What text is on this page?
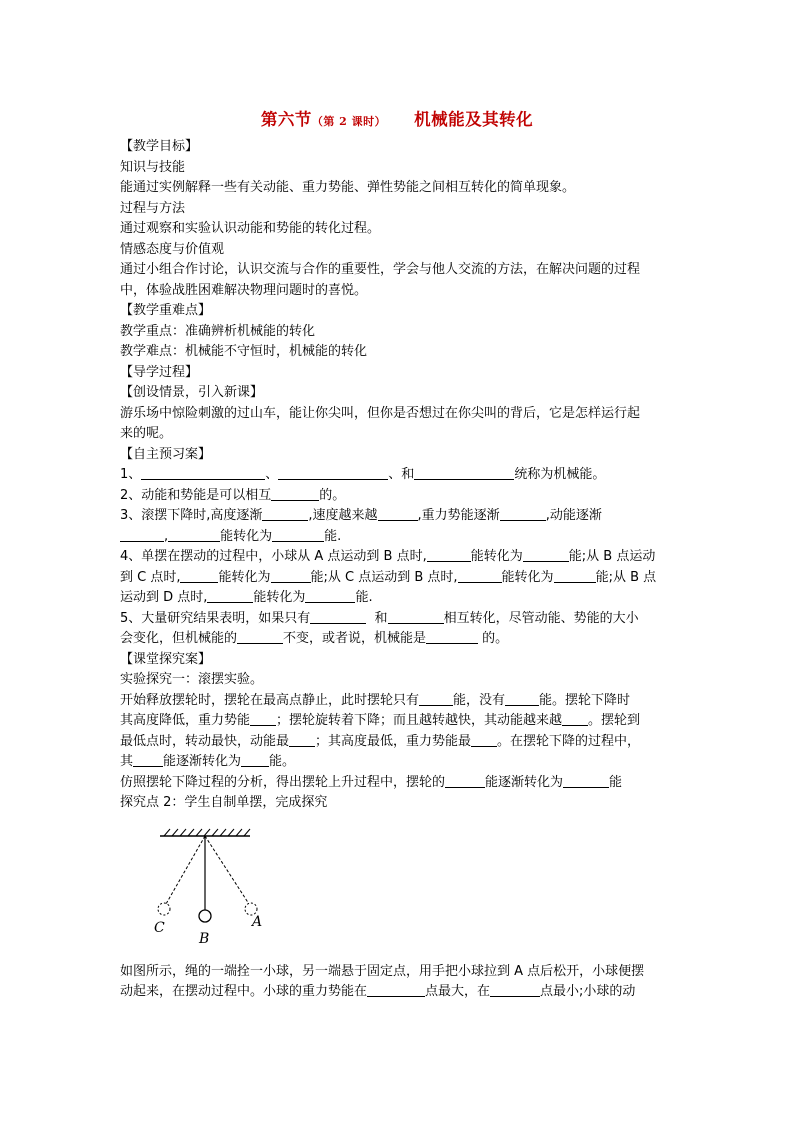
第六节（第 2 课时） 机械能及其转化

【教学目标】

知识与技能

能通过实例解释一些有关动能、重力势能、弹性势能之间相互转化的简单现象。

过程与方法

通过观察和实验认识动能和势能的转化过程。

情感态度与价值观

通过小组合作讨论，认识交流与合作的重要性，学会与他人交流的方法，在解决问题的过程

中，体验战胜困难解决物理问题时的喜悦。

【教学重难点】

教学重点：准确辨析机械能的转化

教学难点：机械能不守恒时，机械能的转化

【导学过程】

【创设情景，引入新课】

游乐场中惊险刺激的过山车，能让你尖叫，但你是否想过在你尖叫的背后，它是怎样运行起

来的呢。

【自主预习案】

1、	、	、和	统称为机械能。

2、动能和势能是可以相互	的。

3、滚摆下降时,高度逐渐	,速度越来越	,重力势能逐渐	,动能逐渐

,	能转化为	能.

4、单摆在摆动的过程中，小球从 A 点运动到 B 点时,	能转化为	能;从 B 点运动

到 C 点时,	能转化为	能;从 C 点运动到 B 点时,	能转化为	能;从 B 点

运动到 D 点时,	能转化为	能.

5、大量研究结果表明，如果只有	和	相互转化，尽管动能、势能的大小

会变化，但机械能的	不变，或者说，机械能是	的。

【课堂探究案】

实验探究一：滚摆实验。

开始释放摆轮时，摆轮在最高点静止，此时摆轮只有	能，没有	能。摆轮下降时

其高度降低，重力势能 ；摆轮旋转着下降；而且越转越快，其动能越来越 。摆轮到

最低点时，转动最快，动能最 ；其高度最低，重力势能最 。在摆轮下降的过程中，

其 能逐渐转化为 能。

仿照摆轮下降过程的分析，得出摆轮上升过程中，摆轮的	能逐渐转化为	能

探究点 2：学生自制单摆，完成探究

C
B
A

如图所示，绳的一端拴一小球，另一端悬于固定点，用手把小球拉到 A 点后松开，小球便摆

动起来，在摆动过程中。小球的重力势能在	点最大，在	点最小;小球的动
